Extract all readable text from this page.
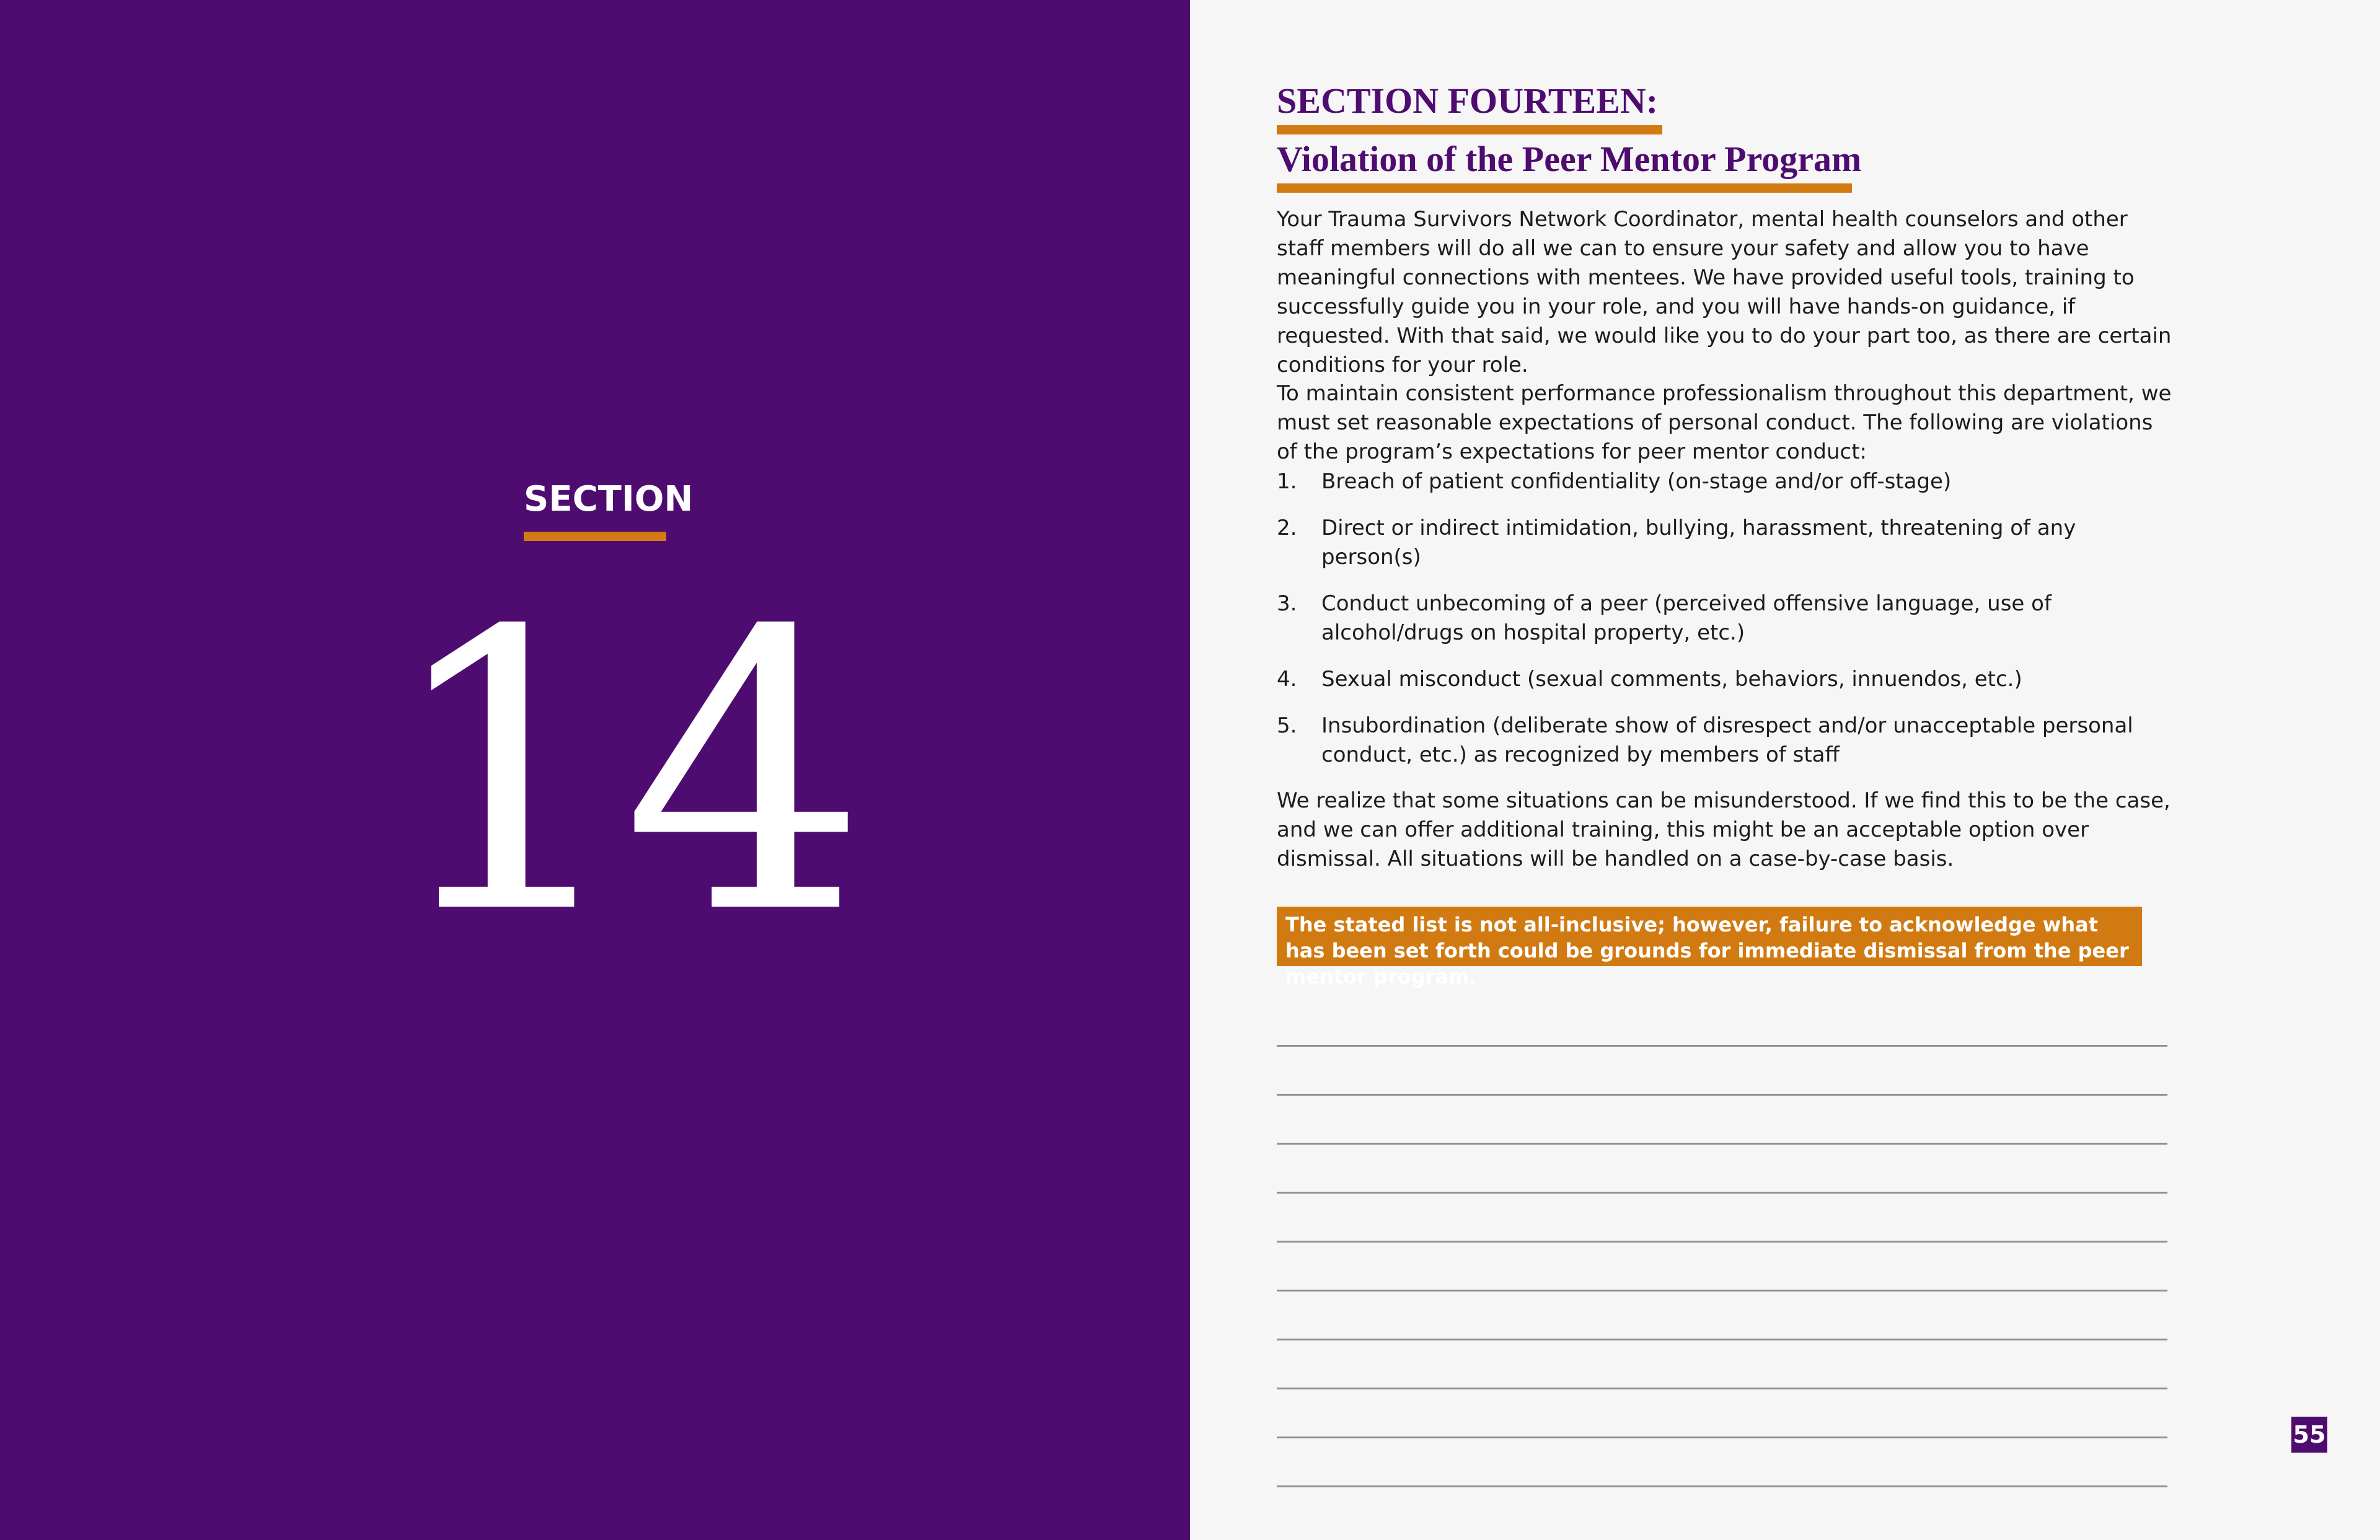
SECTION
14
SECTION FOURTEEN:
Violation of the Peer Mentor Program

Your Trauma Survivors Network Coordinator, mental health counselors and other staff members will do all we can to ensure your safety and allow you to have meaningful connections with mentees. We have provided useful tools, training to successfully guide you in your role, and you will have hands-on guidance, if requested. With that said, we would like you to do your part too, as there are certain conditions for your role.

To maintain consistent performance professionalism throughout this department, we must set reasonable expectations of personal conduct. The following are violations of the program’s expectations for peer mentor conduct:

1. Breach of patient confidentiality (on-stage and/or off-stage)
2. Direct or indirect intimidation, bullying, harassment, threatening of any person(s)
3. Conduct unbecoming of a peer (perceived offensive language, use of alcohol/drugs on hospital property, etc.)
4. Sexual misconduct (sexual comments, behaviors, innuendos, etc.)
5. Insubordination (deliberate show of disrespect and/or unacceptable personal conduct, etc.) as recognized by members of staff

We realize that some situations can be misunderstood. If we find this to be the case, and we can offer additional training, this might be an acceptable option over dismissal. All situations will be handled on a case-by-case basis.

The stated list is not all-inclusive; however, failure to acknowledge what has been set forth could be grounds for immediate dismissal from the peer mentor program.
55
